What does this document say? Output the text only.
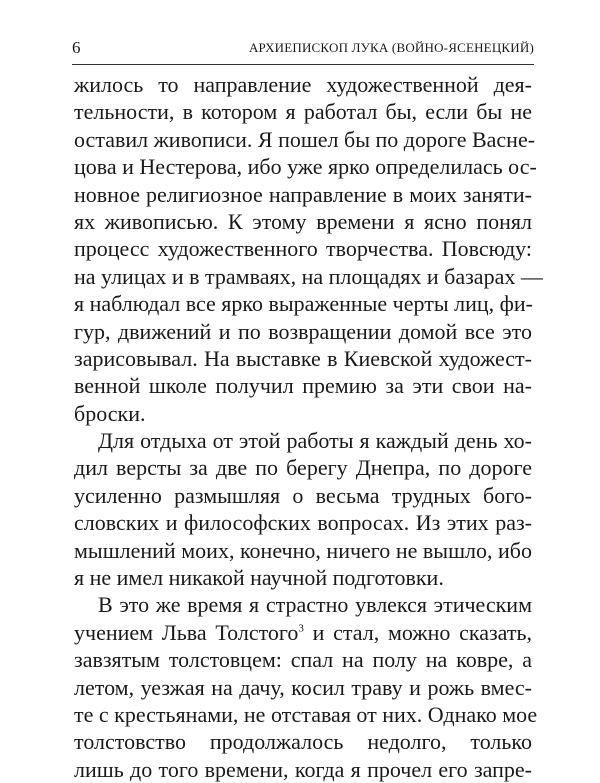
6	АРХИЕПИСКОП ЛУКА (ВОЙНО-ЯСЕНЕЦКИЙ)
жилось то направление художественной дея-
тельности, в котором я работал бы, если бы не
оставил живописи. Я пошел бы по дороге Васне-
цова и Нестерова, ибо уже ярко определилась ос-
новное религиозное направление в моих заняти-
ях живописью. К этому времени я ясно понял
процесс художественного творчества. Повсюду:
на улицах и в трамваях, на площадях и базарах —
я наблюдал все ярко выраженные черты лиц, фи-
гур, движений и по возвращении домой все это
зарисовывал. На выставке в Киевской художест-
венной школе получил премию за эти свои на-
броски.
Для отдыха от этой работы я каждый день хо-
дил версты за две по берегу Днепра, по дороге
усиленно размышляя о весьма трудных бого-
словских и философских вопросах. Из этих раз-
мышлений моих, конечно, ничего не вышло, ибо
я не имел никакой научной подготовки.
В это же время я страстно увлекся этическим
учением Льва Толстого$^3$ и стал, можно сказать,
завзятым толстовцем: спал на полу на ковре, а
летом, уезжая на дачу, косил траву и рожь вмес-
те с крестьянами, не отставая от них. Однако мое
толстовство продолжалось недолго, только
лишь до того времени, когда я прочел его запре-
